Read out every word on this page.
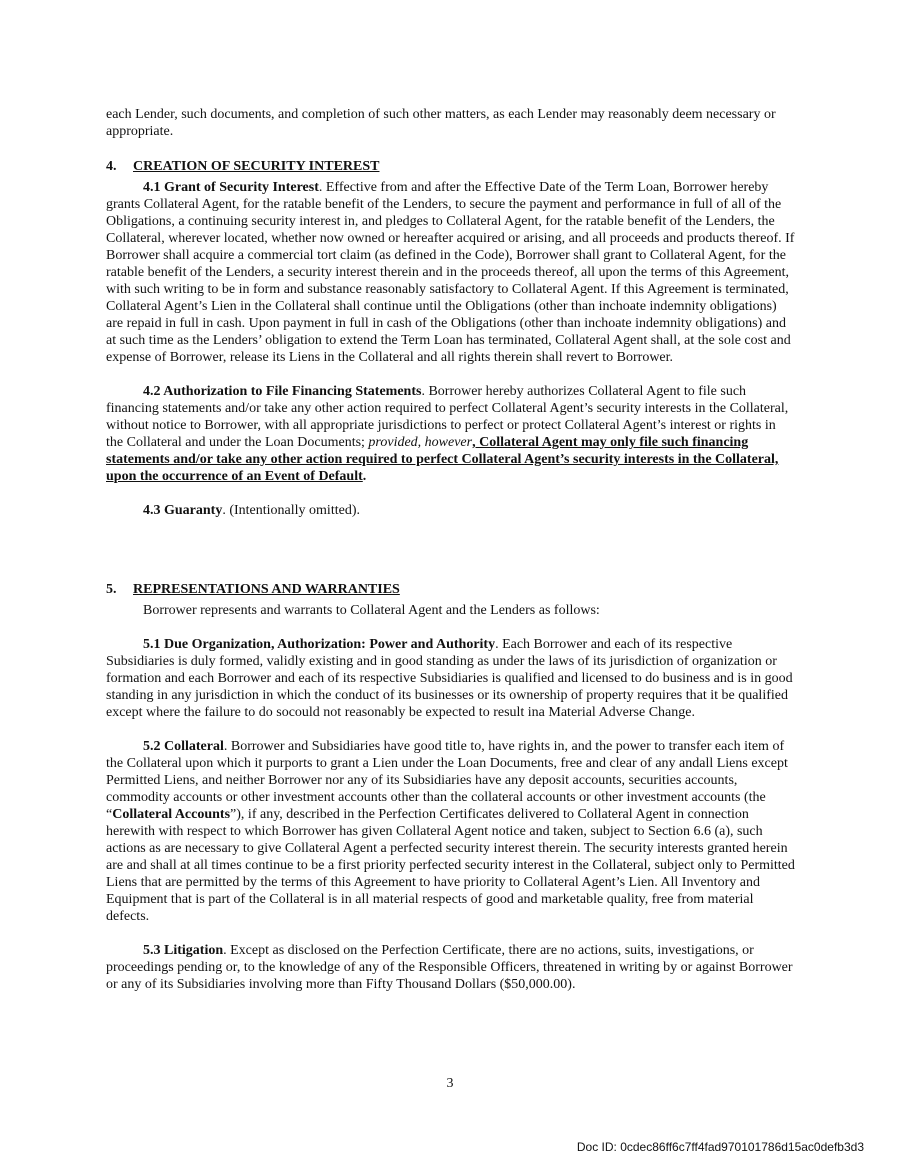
each Lender, such documents, and completion of such other matters, as each Lender may reasonably deem necessary or appropriate.

4. CREATION OF SECURITY INTEREST

4.1 Grant of Security Interest. Effective from and after the Effective Date of the Term Loan, Borrower hereby grants Collateral Agent, for the ratable benefit of the Lenders, to secure the payment and performance in full of all of the Obligations, a continuing security interest in, and pledges to Collateral Agent, for the ratable benefit of the Lenders, the Collateral, wherever located, whether now owned or hereafter acquired or arising, and all proceeds and products thereof. If Borrower shall acquire a commercial tort claim (as defined in the Code), Borrower shall grant to Collateral Agent, for the ratable benefit of the Lenders, a security interest therein and in the proceeds thereof, all upon the terms of this Agreement, with such writing to be in form and substance reasonably satisfactory to Collateral Agent. If this Agreement is terminated, Collateral Agent’s Lien in the Collateral shall continue until the Obligations (other than inchoate indemnity obligations) are repaid in full in cash. Upon payment in full in cash of the Obligations (other than inchoate indemnity obligations) and at such time as the Lenders’ obligation to extend the Term Loan has terminated, Collateral Agent shall, at the sole cost and expense of Borrower, release its Liens in the Collateral and all rights therein shall revert to Borrower.

4.2 Authorization to File Financing Statements. Borrower hereby authorizes Collateral Agent to file such financing statements and/or take any other action required to perfect Collateral Agent’s security interests in the Collateral, without notice to Borrower, with all appropriate jurisdictions to perfect or protect Collateral Agent’s interest or rights in the Collateral and under the Loan Documents; provided, however, Collateral Agent may only file such financing statements and/or take any other action required to perfect Collateral Agent’s security interests in the Collateral, upon the occurrence of an Event of Default.

4.3 Guaranty. (Intentionally omitted).

5. REPRESENTATIONS AND WARRANTIES

Borrower represents and warrants to Collateral Agent and the Lenders as follows:

5.1 Due Organization, Authorization: Power and Authority. Each Borrower and each of its respective Subsidiaries is duly formed, validly existing and in good standing as under the laws of its jurisdiction of organization or formation and each Borrower and each of its respective Subsidiaries is qualified and licensed to do business and is in good standing in any jurisdiction in which the conduct of its businesses or its ownership of property requires that it be qualified except where the failure to do socould not reasonably be expected to result ina Material Adverse Change.

5.2 Collateral. Borrower and Subsidiaries have good title to, have rights in, and the power to transfer each item of the Collateral upon which it purports to grant a Lien under the Loan Documents, free and clear of any andall Liens except Permitted Liens, and neither Borrower nor any of its Subsidiaries have any deposit accounts, securities accounts, commodity accounts or other investment accounts other than the collateral accounts or other investment accounts (the “Collateral Accounts”), if any, described in the Perfection Certificates delivered to Collateral Agent in connection herewith with respect to which Borrower has given Collateral Agent notice and taken, subject to Section 6.6 (a), such actions as are necessary to give Collateral Agent a perfected security interest therein. The security interests granted herein are and shall at all times continue to be a first priority perfected security interest in the Collateral, subject only to Permitted Liens that are permitted by the terms of this Agreement to have priority to Collateral Agent’s Lien. All Inventory and Equipment that is part of the Collateral is in all material respects of good and marketable quality, free from material defects.

5.3 Litigation. Except as disclosed on the Perfection Certificate, there are no actions, suits, investigations, or proceedings pending or, to the knowledge of any of the Responsible Officers, threatened in writing by or against Borrower or any of its Subsidiaries involving more than Fifty Thousand Dollars ($50,000.00).

3
Doc ID: 0cdec86ff6c7ff4fad970101786d15ac0defb3d3
